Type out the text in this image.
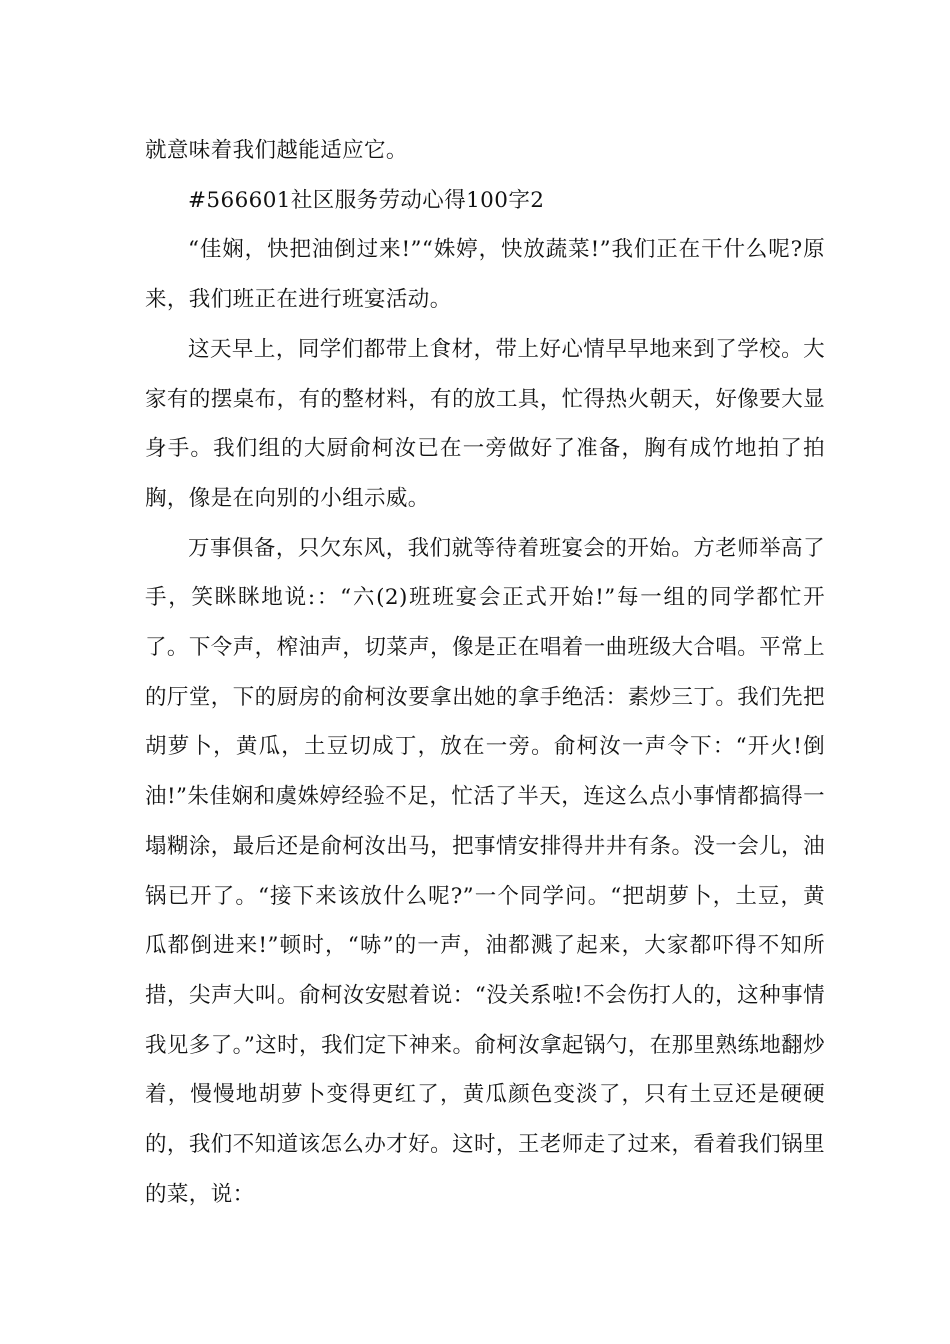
就意味着我们越能适应它。

#566601社区服务劳动心得100字2

“佳娴，快把油倒过来!”“姝婷，快放蔬菜!”我们正在干什么呢?原来，我们班正在进行班宴活动。

这天早上，同学们都带上食材，带上好心情早早地来到了学校。大家有的摆桌布，有的整材料，有的放工具，忙得热火朝天，好像要大显身手。我们组的大厨俞柯汝已在一旁做好了准备，胸有成竹地拍了拍胸，像是在向别的小组示威。

万事俱备，只欠东风，我们就等待着班宴会的开始。方老师举高了手，笑眯眯地说:：“六(2)班班宴会正式开始!”每一组的同学都忙开了。下令声，榨油声，切菜声，像是正在唱着一曲班级大合唱。平常上的厅堂，下的厨房的俞柯汝要拿出她的拿手绝活：素炒三丁。我们先把胡萝卜，黄瓜，土豆切成丁，放在一旁。俞柯汝一声令下：“开火!倒油!”朱佳娴和虞姝婷经验不足，忙活了半天，连这么点小事情都搞得一塌糊涂，最后还是俞柯汝出马，把事情安排得井井有条。没一会儿，油锅已开了。“接下来该放什么呢?”一个同学问。“把胡萝卜，土豆，黄瓜都倒进来!”顿时，“哧”的一声，油都溅了起来，大家都吓得不知所措，尖声大叫。俞柯汝安慰着说：“没关系啦!不会伤打人的，这种事情我见多了。”这时，我们定下神来。俞柯汝拿起锅勺，在那里熟练地翻炒着，慢慢地胡萝卜变得更红了，黄瓜颜色变淡了，只有土豆还是硬硬的，我们不知道该怎么办才好。这时，王老师走了过来，看着我们锅里的菜，说：
